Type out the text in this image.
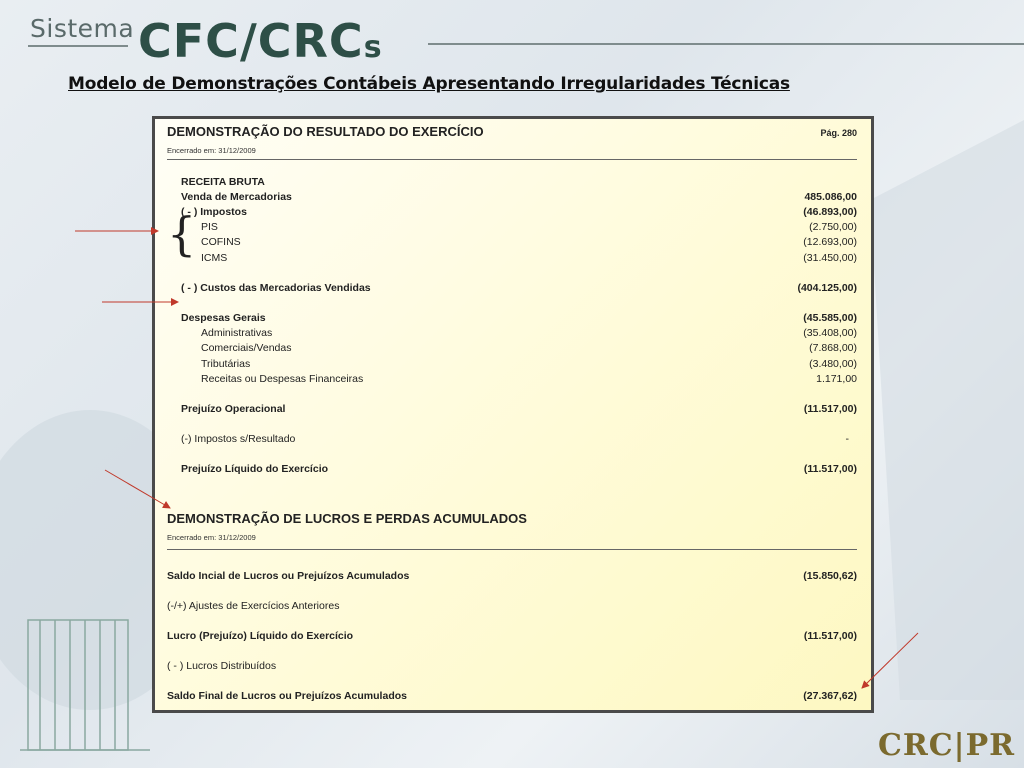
Sistema CFC/CRCs
Modelo de Demonstrações Contábeis Apresentando Irregularidades Técnicas
DEMONSTRAÇÃO DO RESULTADO DO EXERCÍCIO	Pág. 280
Encerrado em: 31/12/2009
RECEITA BRUTA
Venda de Mercadorias	485.086,00
( - ) Impostos	(46.893,00)
PIS	(2.750,00)
COFINS	(12.693,00)
ICMS	(31.450,00)
{
( - ) Custos das Mercadorias Vendidas	(404.125,00)
Despesas Gerais	(45.585,00)
Administrativas	(35.408,00)
Comerciais/Vendas	(7.868,00)
Tributárias	(3.480,00)
Receitas ou Despesas Financeiras	1.171,00
Prejuízo Operacional	(11.517,00)
(-) Impostos s/Resultado	-
Prejuízo Líquido do Exercício	(11.517,00)
DEMONSTRAÇÃO DE LUCROS E PERDAS ACUMULADOS
Encerrado em: 31/12/2009
Saldo Incial de Lucros ou Prejuízos Acumulados	(15.850,62)
(-/+) Ajustes de Exercícios Anteriores
Lucro (Prejuízo) Líquido do Exercício	(11.517,00)
( - ) Lucros Distribuídos
Saldo Final de Lucros ou Prejuízos Acumulados	(27.367,62)
CRC|PR
